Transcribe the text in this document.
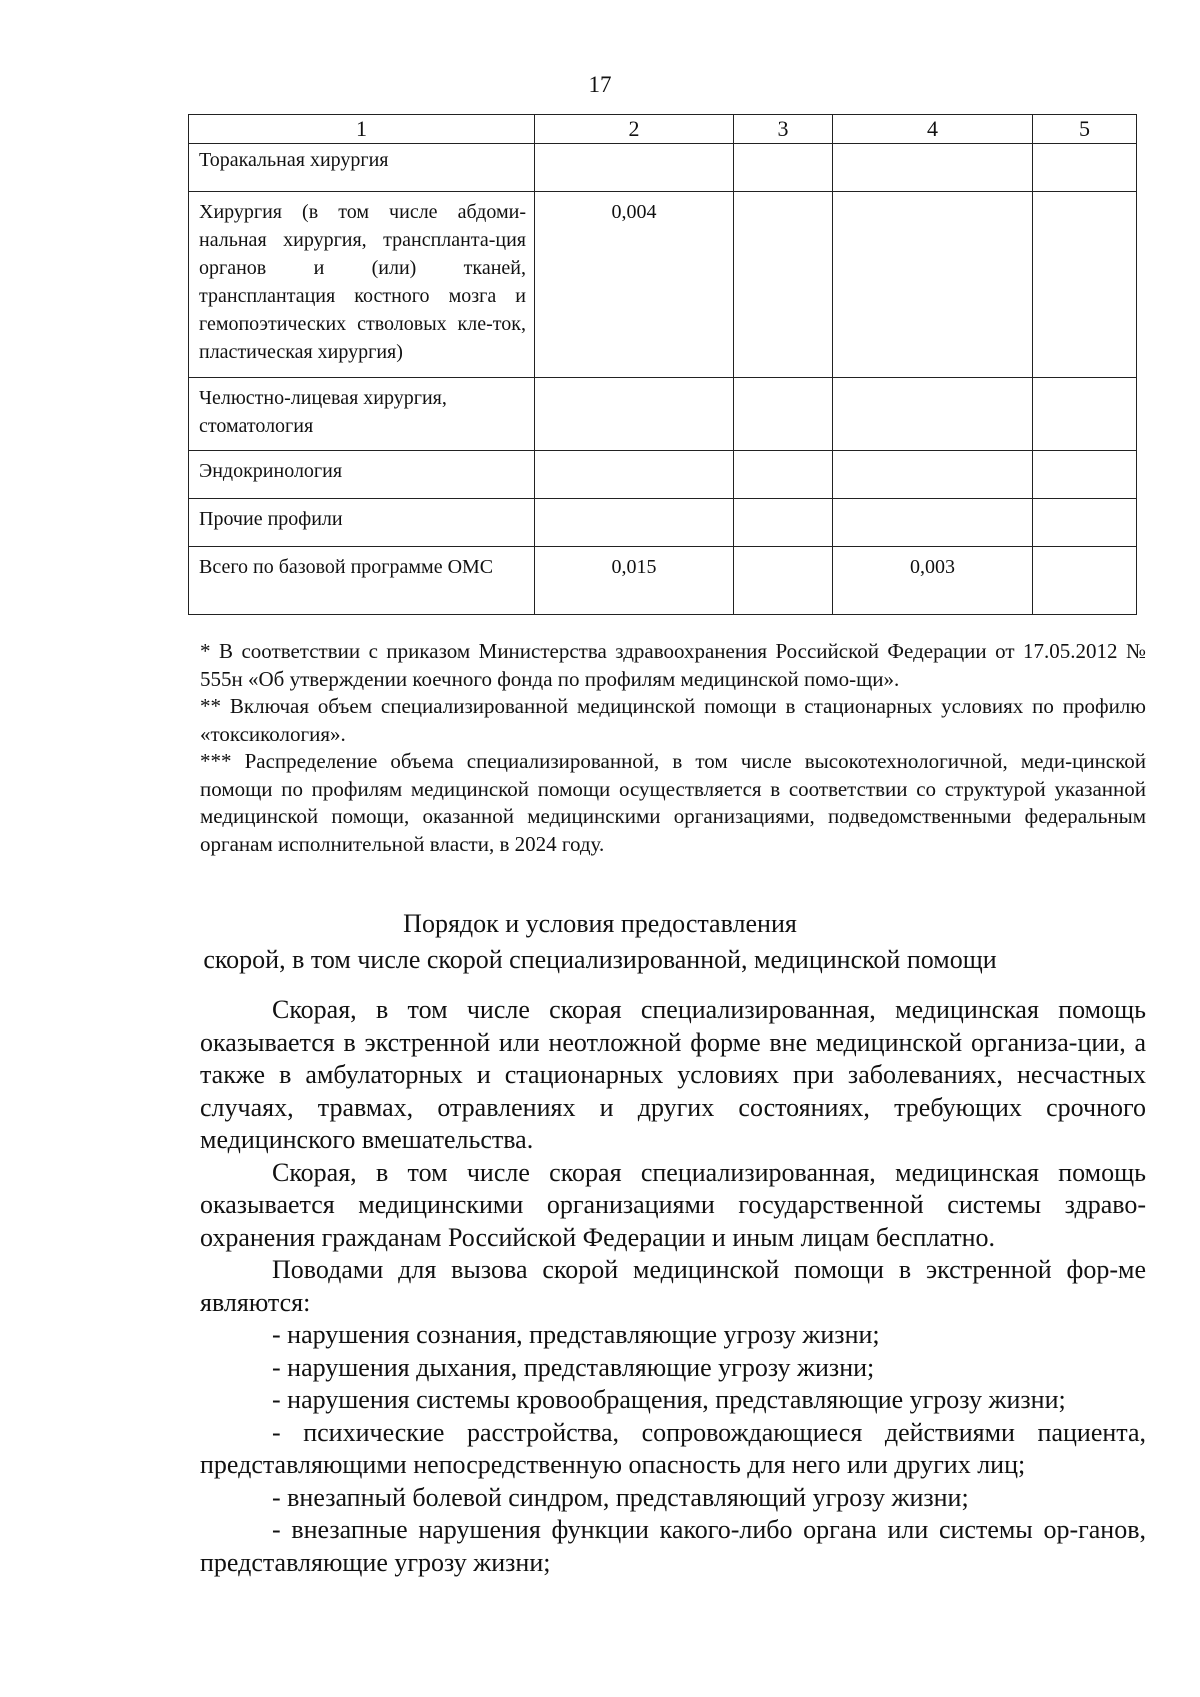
17
1	2	3	4	5
Торакальная хирургия				
Хирургия (в том числе абдоми-нальная хирургия, транспланта-ция органов и (или) тканей, трансплантация костного мозга и гемопоэтических стволовых кле-ток, пластическая хирургия)	0,004			
Челюстно-лицевая хирургия, стоматология				
Эндокринология				
Прочие профили				
Всего по базовой программе ОМС	0,015		0,003	

* В соответствии с приказом Министерства здравоохранения Российской Федерации от 17.05.2012 № 555н «Об утверждении коечного фонда по профилям медицинской помо-щи».

** Включая объем специализированной медицинской помощи в стационарных условиях по профилю «токсикология».

*** Распределение объема специализированной, в том числе высокотехнологичной, меди-цинской помощи по профилям медицинской помощи осуществляется в соответствии со структурой указанной медицинской помощи, оказанной медицинскими организациями, подведомственными федеральным органам исполнительной власти, в 2024 году.

Порядок и условия предоставления

скорой, в том числе скорой специализированной, медицинской помощи

Скорая, в том числе скорая специализированная, медицинская помощь оказывается в экстренной или неотложной форме вне медицинской организа-ции, а также в амбулаторных и стационарных условиях при заболеваниях, несчастных случаях, травмах, отравлениях и других состояниях, требующих срочного медицинского вмешательства.

Скорая, в том числе скорая специализированная, медицинская помощь оказывается медицинскими организациями государственной системы здраво-охранения гражданам Российской Федерации и иным лицам бесплатно.

Поводами для вызова скорой медицинской помощи в экстренной фор-ме являются:

- нарушения сознания, представляющие угрозу жизни;

- нарушения дыхания, представляющие угрозу жизни;

- нарушения системы кровообращения, представляющие угрозу жизни;

- психические расстройства, сопровождающиеся действиями пациента, представляющими непосредственную опасность для него или других лиц;

- внезапный болевой синдром, представляющий угрозу жизни;

- внезапные нарушения функции какого-либо органа или системы ор-ганов, представляющие угрозу жизни;
